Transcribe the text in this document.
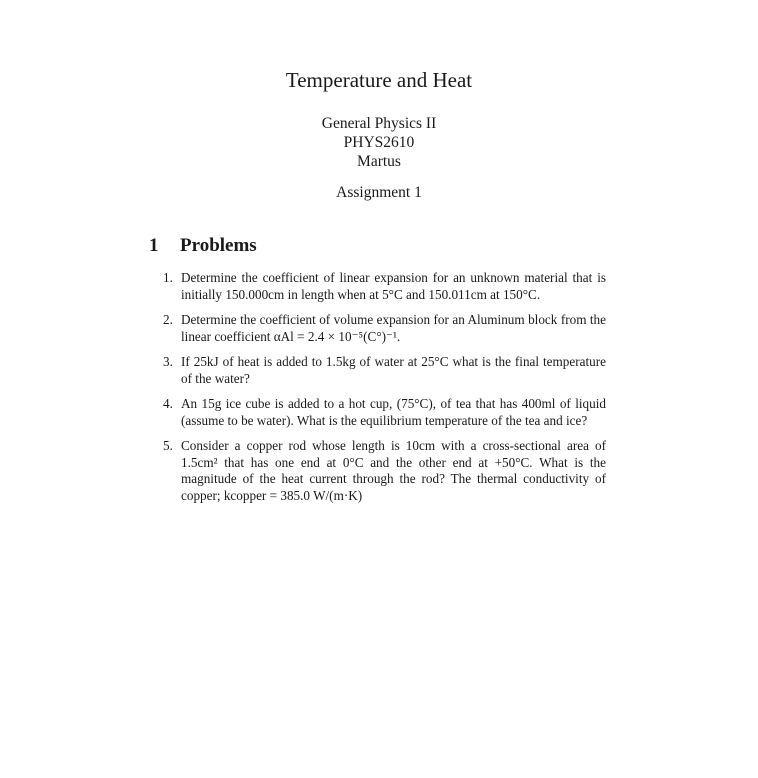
Temperature and Heat
General Physics II
PHYS2610
Martus
Assignment 1
1 Problems
1. Determine the coefficient of linear expansion for an unknown material that is initially 150.000cm in length when at 5°C and 150.011cm at 150°C.
2. Determine the coefficient of volume expansion for an Aluminum block from the linear coefficient αAl = 2.4 × 10⁻⁵(C°)⁻¹.
3. If 25kJ of heat is added to 1.5kg of water at 25°C what is the final temperature of the water?
4. An 15g ice cube is added to a hot cup, (75°C), of tea that has 400ml of liquid (assume to be water). What is the equilibrium temperature of the tea and ice?
5. Consider a copper rod whose length is 10cm with a cross-sectional area of 1.5cm² that has one end at 0°C and the other end at +50°C. What is the magnitude of the heat current through the rod? The thermal conductivity of copper; kcopper = 385.0 W/(m·K)
